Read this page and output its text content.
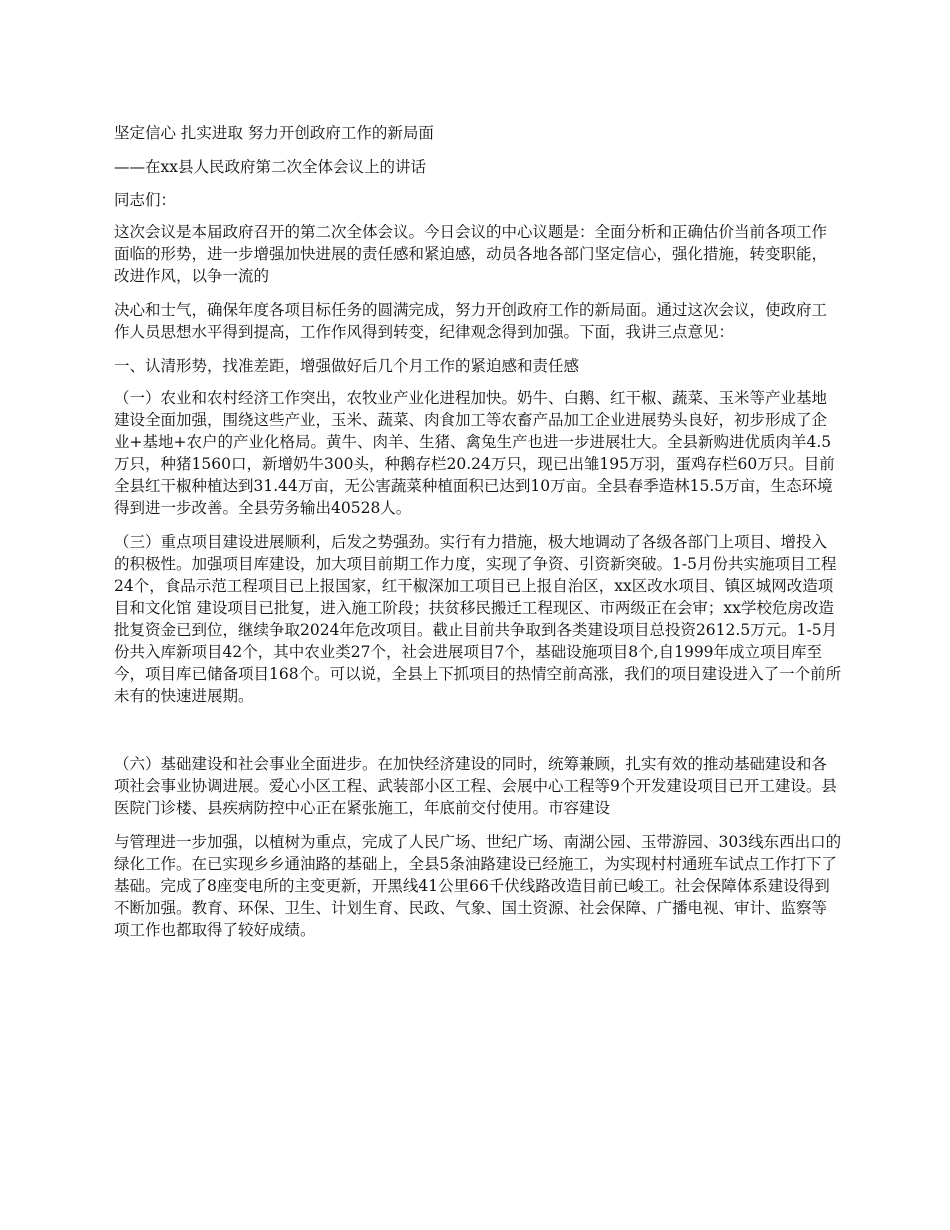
坚定信心 扎实进取 努力开创政府工作的新局面

——在xx县人民政府第二次全体会议上的讲话

同志们：

这次会议是本届政府召开的第二次全体会议。今日会议的中心议题是：全面分析和正确估价当前各项工作面临的形势，进一步增强加快进展的责任感和紧迫感，动员各地各部门坚定信心，强化措施，转变职能，改进作风，以争一流的

决心和士气，确保年度各项目标任务的圆满完成，努力开创政府工作的新局面。通过这次会议，使政府工作人员思想水平得到提高，工作作风得到转变，纪律观念得到加强。下面，我讲三点意见：

一、认清形势，找准差距，增强做好后几个月工作的紧迫感和责任感

（一）农业和农村经济工作突出，农牧业产业化进程加快。奶牛、白鹅、红干椒、蔬菜、玉米等产业基地建设全面加强，围绕这些产业，玉米、蔬菜、肉食加工等农畜产品加工企业进展势头良好，初步形成了企业+基地+农户的产业化格局。黄牛、肉羊、生猪、禽兔生产也进一步进展壮大。全县新购进优质肉羊4.5万只，种猪1560口，新增奶牛300头，种鹅存栏20.24万只，现已出雏195万羽，蛋鸡存栏60万只。目前全县红干椒种植达到31.44万亩，无公害蔬菜种植面积已达到10万亩。全县春季造林15.5万亩，生态环境得到进一步改善。全县劳务输出40528人。

（三）重点项目建设进展顺利，后发之势强劲。实行有力措施，极大地调动了各级各部门上项目、增投入的积极性。加强项目库建设，加大项目前期工作力度，实现了争资、引资新突破。1-5月份共实施项目工程24个，食品示范工程项目已上报国家，红干椒深加工项目已上报自治区，xx区改水项目、镇区城网改造项目和文化馆 建设项目已批复，进入施工阶段；扶贫移民搬迁工程现区、市两级正在会审；xx学校危房改造批复资金已到位，继续争取2024年危改项目。截止目前共争取到各类建设项目总投资2612.5万元。1-5月份共入库新项目42个，其中农业类27个，社会进展项目7个，基础设施项目8个,自1999年成立项目库至今，项目库已储备项目168个。可以说，全县上下抓项目的热情空前高涨，我们的项目建设进入了一个前所未有的快速进展期。

（六）基础建设和社会事业全面进步。在加快经济建设的同时，统筹兼顾，扎实有效的推动基础建设和各项社会事业协调进展。爱心小区工程、武装部小区工程、会展中心工程等9个开发建设项目已开工建设。县医院门诊楼、县疾病防控中心正在紧张施工，年底前交付使用。市容建设

与管理进一步加强，以植树为重点，完成了人民广场、世纪广场、南湖公园、玉带游园、303线东西出口的绿化工作。在已实现乡乡通油路的基础上，全县5条油路建设已经施工，为实现村村通班车试点工作打下了基础。完成了8座变电所的主变更新，开黑线41公里66千伏线路改造目前已峻工。社会保障体系建设得到不断加强。教育、环保、卫生、计划生育、民政、气象、国土资源、社会保障、广播电视、审计、监察等项工作也都取得了较好成绩。
